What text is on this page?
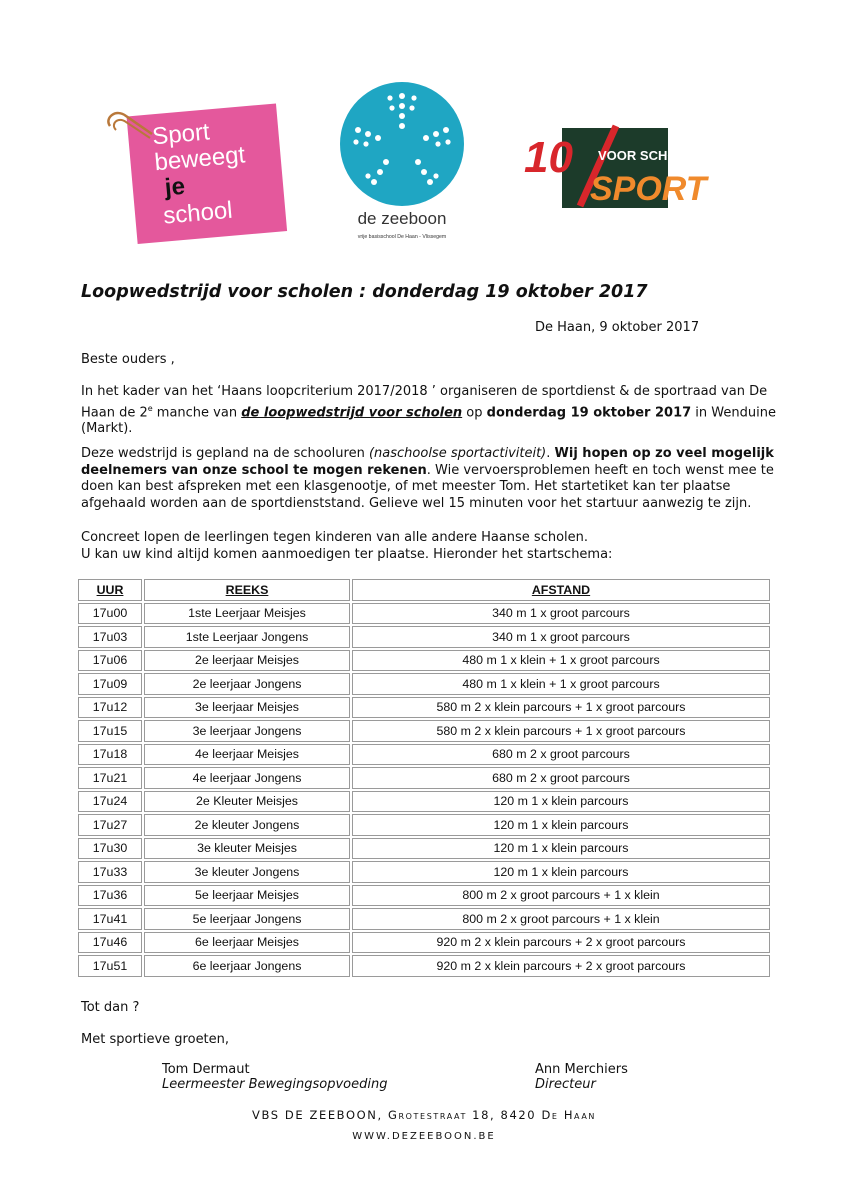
Sport
beweegt
je
school	de zeeboon
vrije basisschool De Haan - Vlissegem
10 VOOR SCHOOL
SPORT
Loopwedstrijd voor scholen : donderdag 19 oktober 2017
De Haan, 9 oktober 2017
Beste ouders ,
In het kader van het ‘Haans loopcriterium 2017/2018 ’ organiseren de sportdienst & de sportraad van De Haan de 2e manche van de loopwedstrijd voor scholen op donderdag 19 oktober 2017 in Wenduine (Markt).
Deze wedstrijd is gepland na de schooluren (naschoolse sportactiviteit). Wij hopen op zo veel mogelijk deelnemers van onze school te mogen rekenen. Wie vervoersproblemen heeft en toch wenst mee te doen kan best afspreken met een klasgenootje, of met meester Tom. Het startetiket kan ter plaatse afgehaald worden aan de sportdienststand. Gelieve wel 15 minuten voor het startuur aanwezig te zijn.
Concreet lopen de leerlingen tegen kinderen van alle andere Haanse scholen.
U kan uw kind altijd komen aanmoedigen ter plaatse. Hieronder het startschema:
UUR	REEKS	AFSTAND
17u00	1ste Leerjaar Meisjes	340 m 1 x groot parcours
17u03	1ste Leerjaar Jongens	340 m 1 x groot parcours
17u06	2e leerjaar Meisjes	480 m 1 x klein + 1 x groot parcours
17u09	2e leerjaar Jongens	480 m 1 x klein + 1 x groot parcours
17u12	3e leerjaar Meisjes	580 m 2 x klein parcours + 1 x groot parcours
17u15	3e leerjaar Jongens	580 m 2 x klein parcours + 1 x groot parcours
17u18	4e leerjaar Meisjes	680 m 2 x groot parcours
17u21	4e leerjaar Jongens	680 m 2 x groot parcours
17u24	2e Kleuter Meisjes	120 m 1 x klein parcours
17u27	2e kleuter Jongens	120 m 1 x klein parcours
17u30	3e kleuter Meisjes	120 m 1 x klein parcours
17u33	3e kleuter Jongens	120 m 1 x klein parcours
17u36	5e leerjaar Meisjes	800 m 2 x groot parcours + 1 x klein
17u41	5e leerjaar Jongens	800 m 2 x groot parcours + 1 x klein
17u46	6e leerjaar Meisjes	920 m 2 x klein parcours + 2 x groot parcours
17u51	6e leerjaar Jongens	920 m 2 x klein parcours + 2 x groot parcours
Tot dan ?
Met sportieve groeten,
Tom Dermaut
Leermeester Bewegingsopvoeding
Ann Merchiers
Directeur
VBS DE ZEEBOON, Grotestraat 18, 8420 De Haan
WWW.DEZEEBOON.BE
